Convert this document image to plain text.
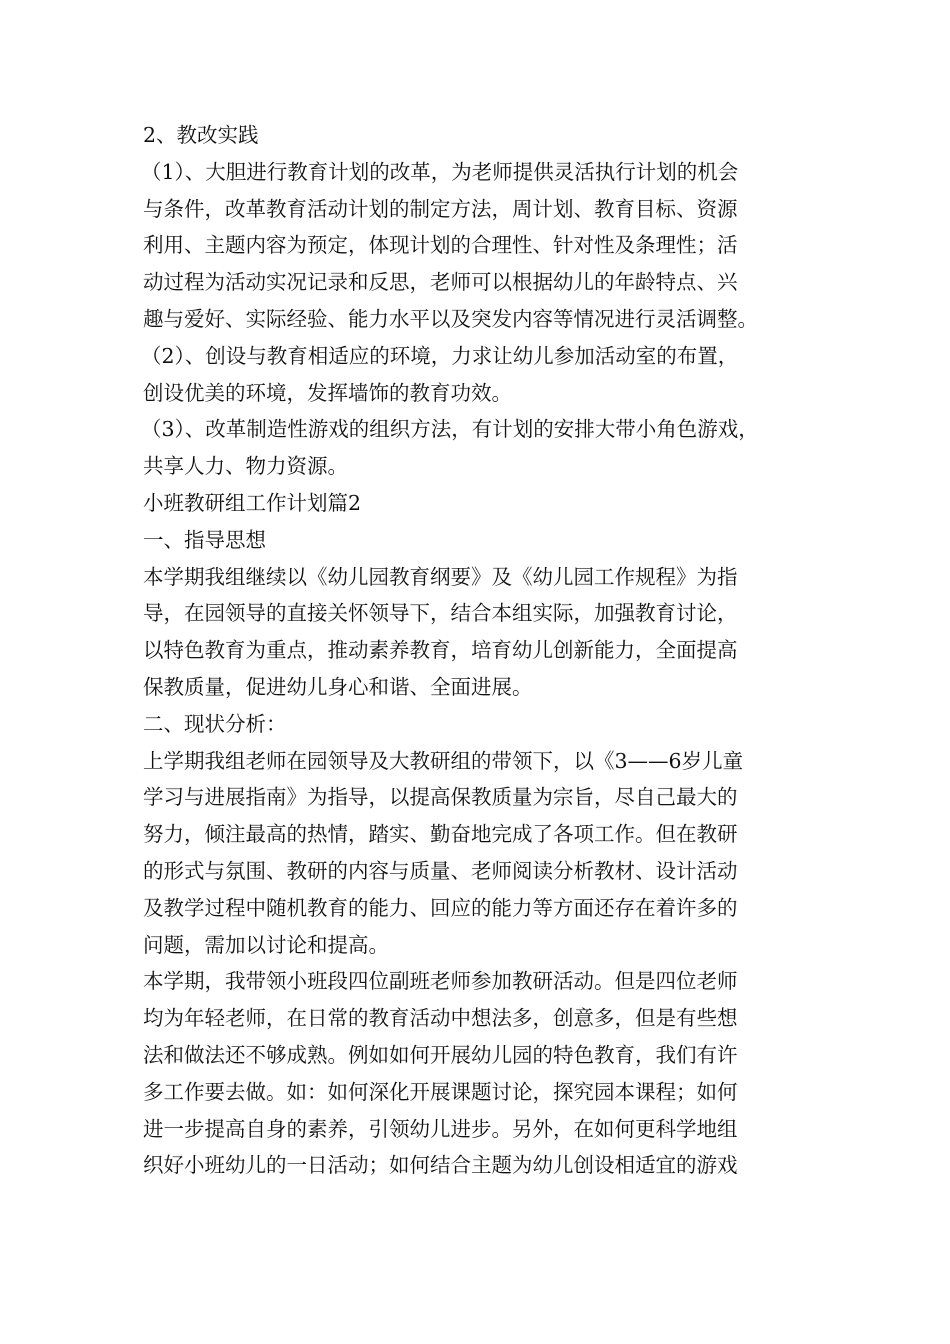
2、教改实践
（1）、大胆进行教育计划的改革，为老师提供灵活执行计划的机会
与条件，改革教育活动计划的制定方法，周计划、教育目标、资源
利用、主题内容为预定，体现计划的合理性、针对性及条理性；活
动过程为活动实况记录和反思，老师可以根据幼儿的年龄特点、兴
趣与爱好、实际经验、能力水平以及突发内容等情况进行灵活调整。
（2）、创设与教育相适应的环境，力求让幼儿参加活动室的布置，
创设优美的环境，发挥墙饰的教育功效。
（3）、改革制造性游戏的组织方法，有计划的安排大带小角色游戏，
共享人力、物力资源。
小班教研组工作计划篇2
一、指导思想
本学期我组继续以《幼儿园教育纲要》及《幼儿园工作规程》为指
导，在园领导的直接关怀领导下，结合本组实际，加强教育讨论，
以特色教育为重点，推动素养教育，培育幼儿创新能力，全面提高
保教质量，促进幼儿身心和谐、全面进展。
二、现状分析：
上学期我组老师在园领导及大教研组的带领下，以《3——6岁儿童
学习与进展指南》为指导，以提高保教质量为宗旨，尽自己最大的
努力，倾注最高的热情，踏实、勤奋地完成了各项工作。但在教研
的形式与氛围、教研的内容与质量、老师阅读分析教材、设计活动
及教学过程中随机教育的能力、回应的能力等方面还存在着许多的
问题，需加以讨论和提高。
本学期，我带领小班段四位副班老师参加教研活动。但是四位老师
均为年轻老师，在日常的教育活动中想法多，创意多，但是有些想
法和做法还不够成熟。例如如何开展幼儿园的特色教育，我们有许
多工作要去做。如：如何深化开展课题讨论，探究园本课程；如何
进一步提高自身的素养，引领幼儿进步。另外，在如何更科学地组
织好小班幼儿的一日活动；如何结合主题为幼儿创设相适宜的游戏
